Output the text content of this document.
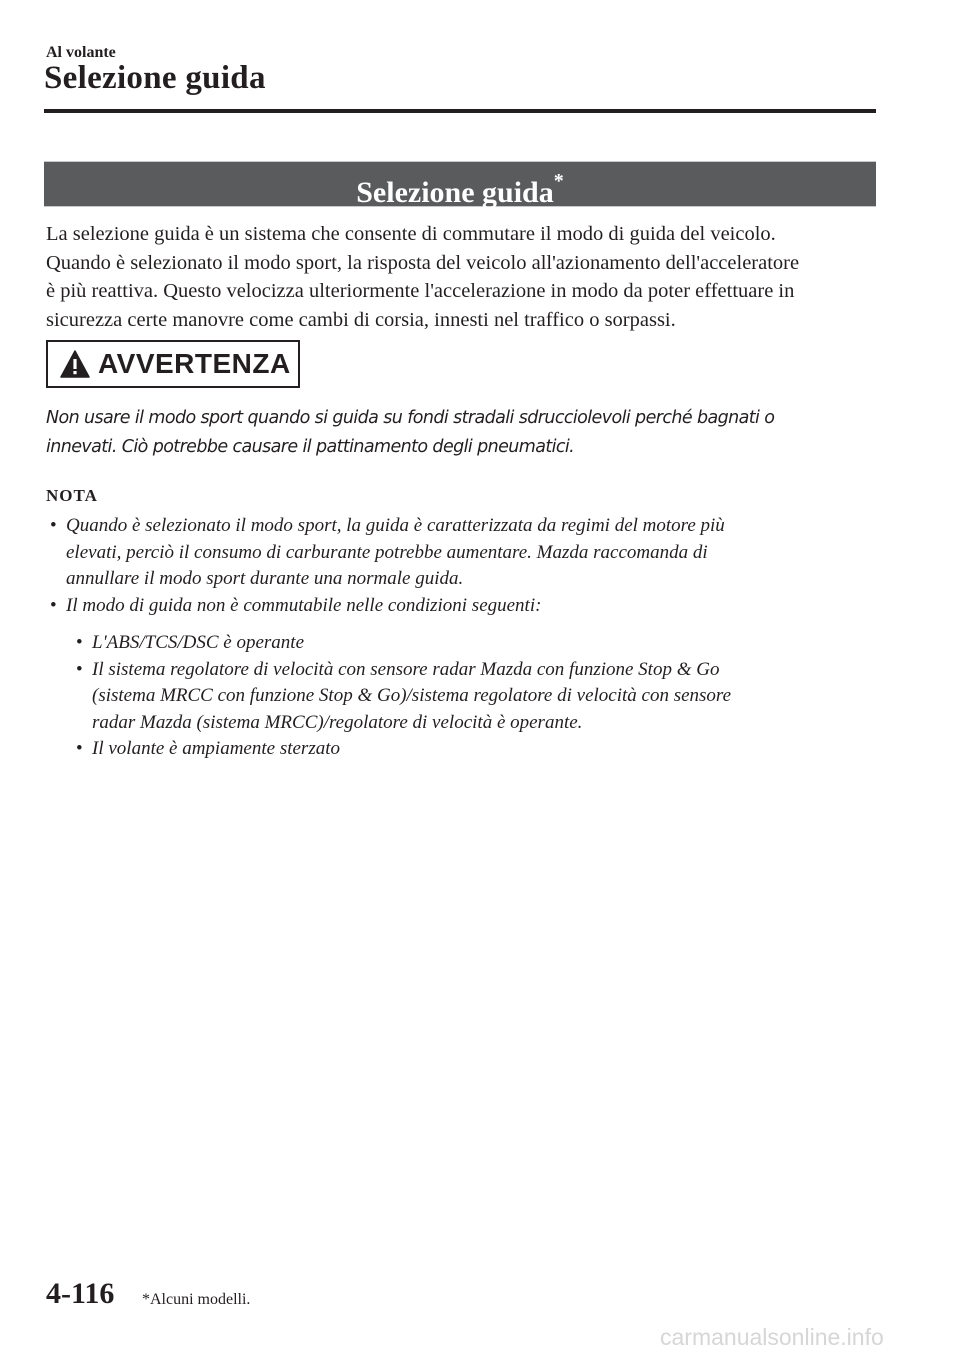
Al volante
Selezione guida
Selezione guida*
La selezione guida è un sistema che consente di commutare il modo di guida del veicolo.
Quando è selezionato il modo sport, la risposta del veicolo all'azionamento dell'acceleratore
è più reattiva. Questo velocizza ulteriormente l'accelerazione in modo da poter effettuare in
sicurezza certe manovre come cambi di corsia, innesti nel traffico o sorpassi.
AVVERTENZA
Non usare il modo sport quando si guida su fondi stradali sdrucciolevoli perché bagnati o
innevati. Ciò potrebbe causare il pattinamento degli pneumatici.
NOTA
• Quando è selezionato il modo sport, la guida è caratterizzata da regimi del motore più
elevati, perciò il consumo di carburante potrebbe aumentare. Mazda raccomanda di
annullare il modo sport durante una normale guida.
• Il modo di guida non è commutabile nelle condizioni seguenti:
• L'ABS/TCS/DSC è operante
• Il sistema regolatore di velocità con sensore radar Mazda con funzione Stop & Go
(sistema MRCC con funzione Stop & Go)/sistema regolatore di velocità con sensore
radar Mazda (sistema MRCC)/regolatore di velocità è operante.
• Il volante è ampiamente sterzato
4-116 *Alcuni modelli.
carmanualsonline.info
